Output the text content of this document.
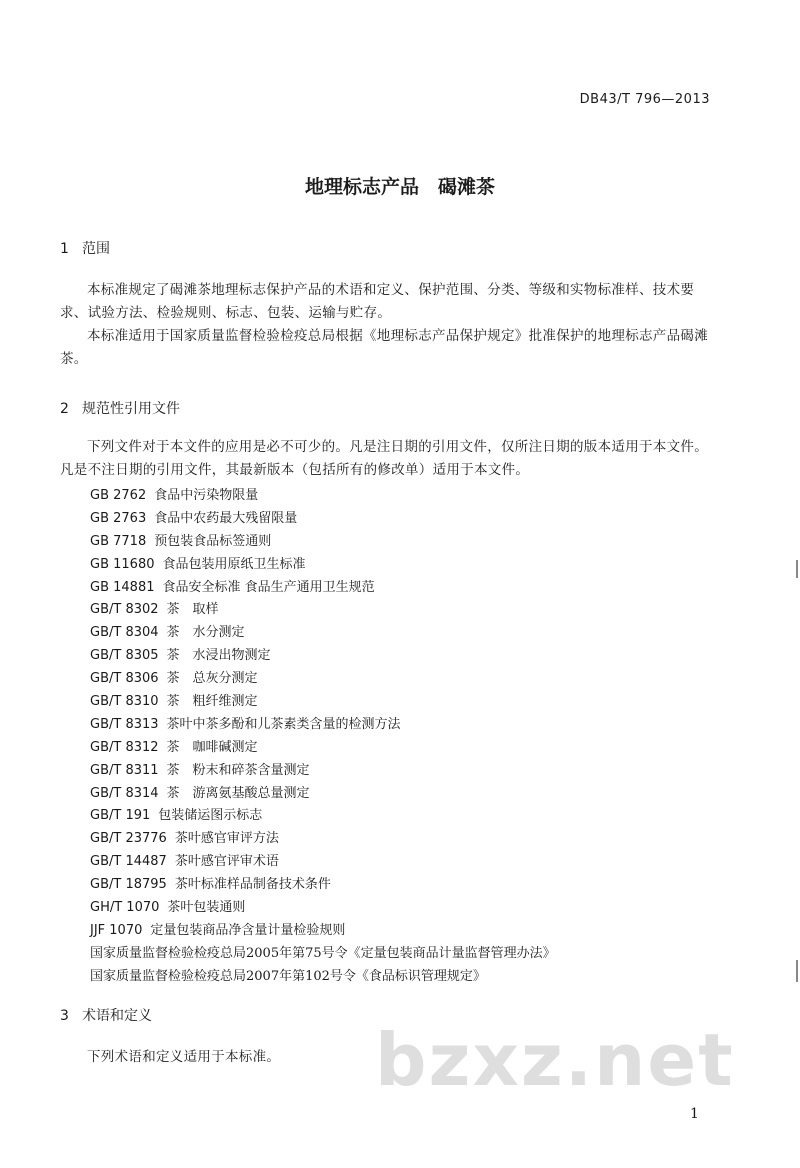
DB43/T 796—2013
地理标志产品　碣滩茶
1 范围
本标准规定了碣滩茶地理标志保护产品的术语和定义、保护范围、分类、等级和实物标准样、技术要求、试验方法、检验规则、标志、包装、运输与贮存。
本标准适用于国家质量监督检验检疫总局根据《地理标志产品保护规定》批准保护的地理标志产品碣滩茶。
2 规范性引用文件
下列文件对于本文件的应用是必不可少的。凡是注日期的引用文件，仅所注日期的版本适用于本文件。凡是不注日期的引用文件，其最新版本（包括所有的修改单）适用于本文件。
GB 2762 食品中污染物限量
GB 2763 食品中农药最大残留限量
GB 7718 预包装食品标签通则
GB 11680 食品包装用原纸卫生标准
GB 14881 食品安全标准 食品生产通用卫生规范
GB/T 8302 茶　取样
GB/T 8304 茶　水分测定
GB/T 8305 茶　水浸出物测定
GB/T 8306 茶　总灰分测定
GB/T 8310 茶　粗纤维测定
GB/T 8313 茶叶中茶多酚和儿茶素类含量的检测方法
GB/T 8312 茶　咖啡碱测定
GB/T 8311 茶　粉末和碎茶含量测定
GB/T 8314 茶　游离氨基酸总量测定
GB/T 191 包装储运图示标志
GB/T 23776 茶叶感官审评方法
GB/T 14487 茶叶感官评审术语
GB/T 18795 茶叶标准样品制备技术条件
GH/T 1070 茶叶包装通则
JJF 1070 定量包装商品净含量计量检验规则
国家质量监督检验检疫总局2005年第75号令《定量包装商品计量监督管理办法》
国家质量监督检验检疫总局2007年第102号令《食品标识管理规定》
3 术语和定义
下列术语和定义适用于本标准。	bzxz.net
1
